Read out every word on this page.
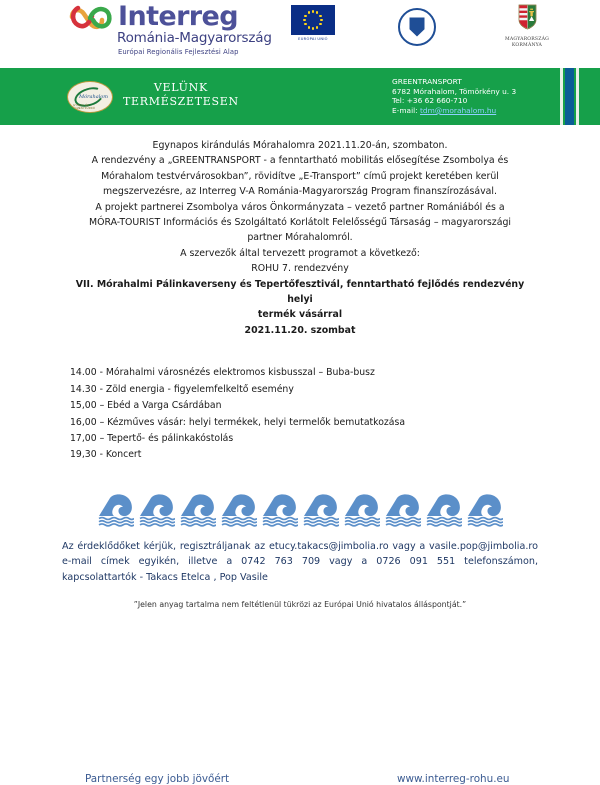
Interreg
Románia-Magyarország
Európai Regionális Fejlesztési Alap
EURÓPAI UNIÓ	MAGYARORSZÁG
KORMÁNYA
Mórahalom
GYÓGY- ÉS ÉLMÉNYFÜRDŐ
VELÜNK
TERMÉSZETESEN
GREENTRANSPORT
6782 Mórahalom, Tömörkény u. 3
Tel: +36 62 660-710
E-mail: tdm@morahalom.hu
Egynapos kirándulás Mórahalomra 2021.11.20-án, szombaton.
A rendezvény a „GREENTRANSPORT - a fenntartható mobilitás elősegítése Zsombolya és
Mórahalom testvérvárosokban”, rövidítve „E-Transport” című projekt keretében kerül
megszervezésre, az Interreg V-A Románia-Magyarország Program finanszírozásával.
A projekt partnerei Zsombolya város Önkormányzata – vezető partner Romániából és a
MÓRA-TOURIST Információs és Szolgáltató Korlátolt Felelősségű Társaság – magyarországi
partner Mórahalomról.
A szervezők által tervezett programot a következő:
ROHU 7. rendezvény
VII. Mórahalmi Pálinkaverseny és Tepertőfesztivál, fenntartható fejlődés rendezvény helyi
termék vásárral
2021.11.20. szombat
14.00 - Mórahalmi városnézés elektromos kisbusszal – Buba-busz
14.30 - Zöld energia - figyelemfelkeltő esemény
15,00 – Ebéd a Varga Csárdában
16,00 – Kézműves vásár: helyi termékek, helyi termelők bemutatkozása
17,00 – Tepertő- és pálinkakóstolás
19,30 - Koncert
Az érdeklődőket kérjük, regisztráljanak az etucy.takacs@jimbolia.ro vagy a vasile.pop@jimbolia.ro e-mail címek egyikén, illetve a 0742 763 709 vagy a 0726 091 551 telefonszámon, kapcsolattartók - Takacs Etelca , Pop Vasile
”Jelen anyag tartalma nem feltétlenül tükrözi az Európai Unió hivatalos álláspontját.”
Partnerség egy jobb jövőért	www.interreg-rohu.eu
